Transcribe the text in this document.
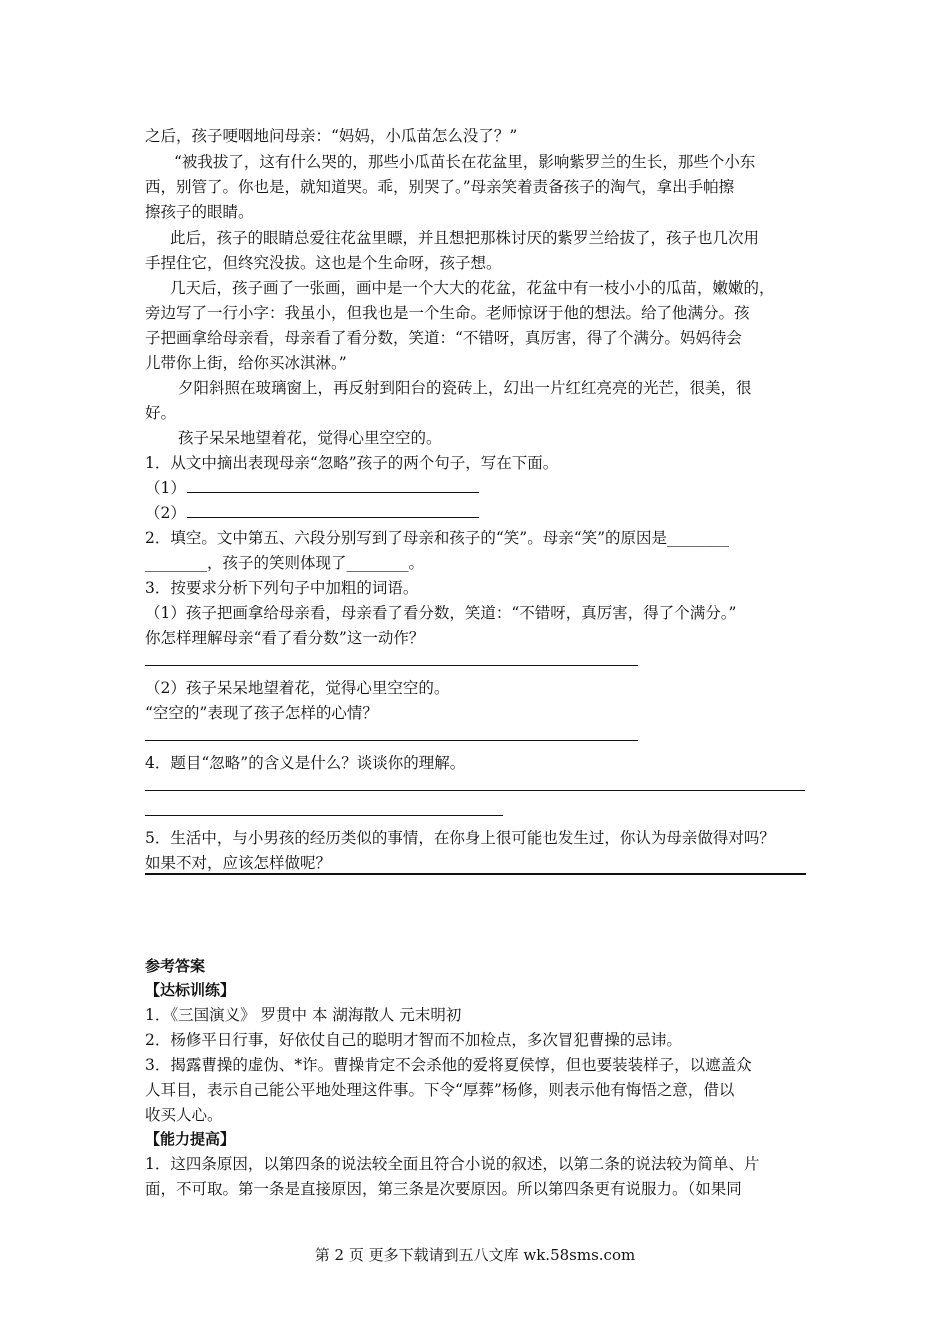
之后，孩子哽咽地问母亲：“妈妈，小瓜苗怎么没了？”
“被我拔了，这有什么哭的，那些小瓜苗长在花盆里，影响紫罗兰的生长，那些个小东
西，别管了。你也是，就知道哭。乖，别哭了。”母亲笑着责备孩子的淘气，拿出手帕擦
擦孩子的眼睛。
此后，孩子的眼睛总爱往花盆里瞟，并且想把那株讨厌的紫罗兰给拔了，孩子也几次用
手捏住它，但终究没拔。这也是个生命呀，孩子想。
几天后，孩子画了一张画，画中是一个大大的花盆，花盆中有一枝小小的瓜苗，嫩嫩的，
旁边写了一行小字：我虽小，但我也是一个生命。老师惊讶于他的想法。给了他满分。孩
子把画拿给母亲看，母亲看了看分数，笑道：“不错呀，真厉害，得了个满分。妈妈待会
儿带你上街，给你买冰淇淋。”
夕阳斜照在玻璃窗上，再反射到阳台的瓷砖上，幻出一片红红亮亮的光芒，很美，很
好。
孩子呆呆地望着花，觉得心里空空的。
1．从文中摘出表现母亲“忽略”孩子的两个句子，写在下面。
（1）
（2）
2．填空。文中第五、六段分别写到了母亲和孩子的“笑”。母亲“笑”的原因是________
________，孩子的笑则体现了________。
3．按要求分析下列句子中加粗的词语。
（1）孩子把画拿给母亲看，母亲看了看分数，笑道：“不错呀，真厉害，得了个满分。”
你怎样理解母亲“看了看分数”这一动作？
（2）孩子呆呆地望着花，觉得心里空空的。
“空空的”表现了孩子怎样的心情？
4．题目“忽略”的含义是什么？谈谈你的理解。
5．生活中，与小男孩的经历类似的事情，在你身上很可能也发生过，你认为母亲做得对吗？
如果不对，应该怎样做呢？
参考答案
【达标训练】
1．《三国演义》 罗贯中 本 湖海散人 元末明初
2．杨修平日行事，好依仗自己的聪明才智而不加检点，多次冒犯曹操的忌讳。
3．揭露曹操的虚伪、*诈。曹操肯定不会杀他的爱将夏侯惇，但也要装装样子，以遮盖众
人耳目，表示自己能公平地处理这件事。下令“厚葬”杨修，则表示他有悔悟之意，借以
收买人心。
【能力提高】
1．这四条原因，以第四条的说法较全面且符合小说的叙述，以第二条的说法较为简单、片
面，不可取。第一条是直接原因，第三条是次要原因。所以第四条更有说服力。（如果同
第 2 页 更多下载请到五八文库 wk.58sms.com
